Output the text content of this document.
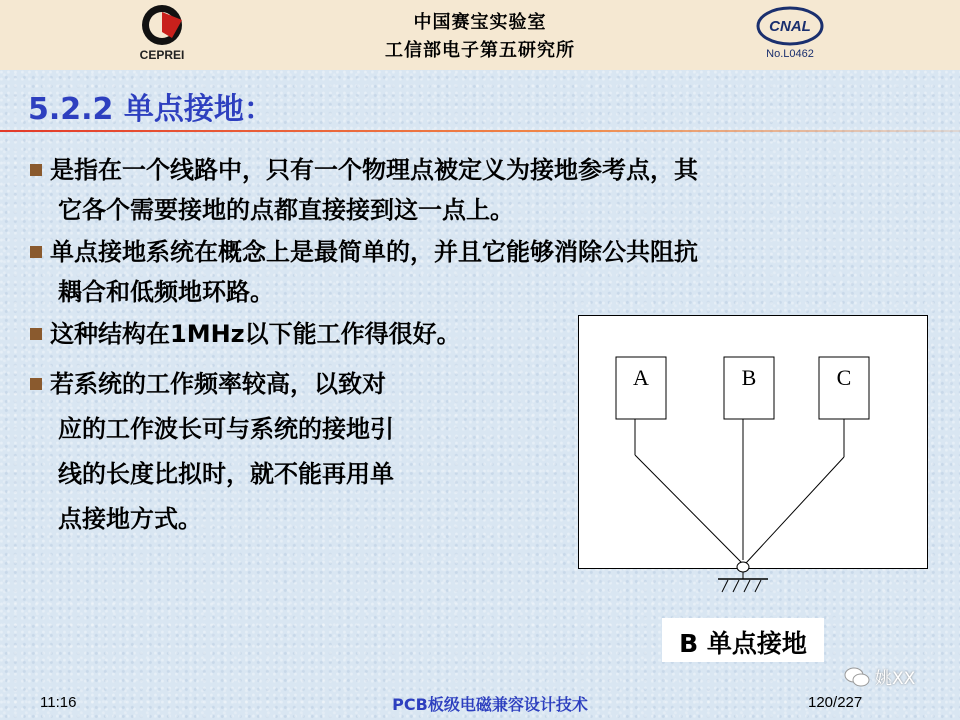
CEPREI
中国赛宝实验室
工信部电子第五研究所
CNAL
No.L0462
5.2.2 单点接地：
是指在一个线路中，只有一个物理点被定义为接地参考点，其
它各个需要接地的点都直接接到这一点上。
单点接地系统在概念上是最简单的，并且它能够消除公共阻抗
耦合和低频地环路。
这种结构在1MHz以下能工作得很好。
若系统的工作频率较高，以致对
应的工作波长可与系统的接地引
线的长度比拟时，就不能再用单
点接地方式。
A	B	C
B 单点接地
姚XX
11:16	PCB板级电磁兼容设计技术	120/227
